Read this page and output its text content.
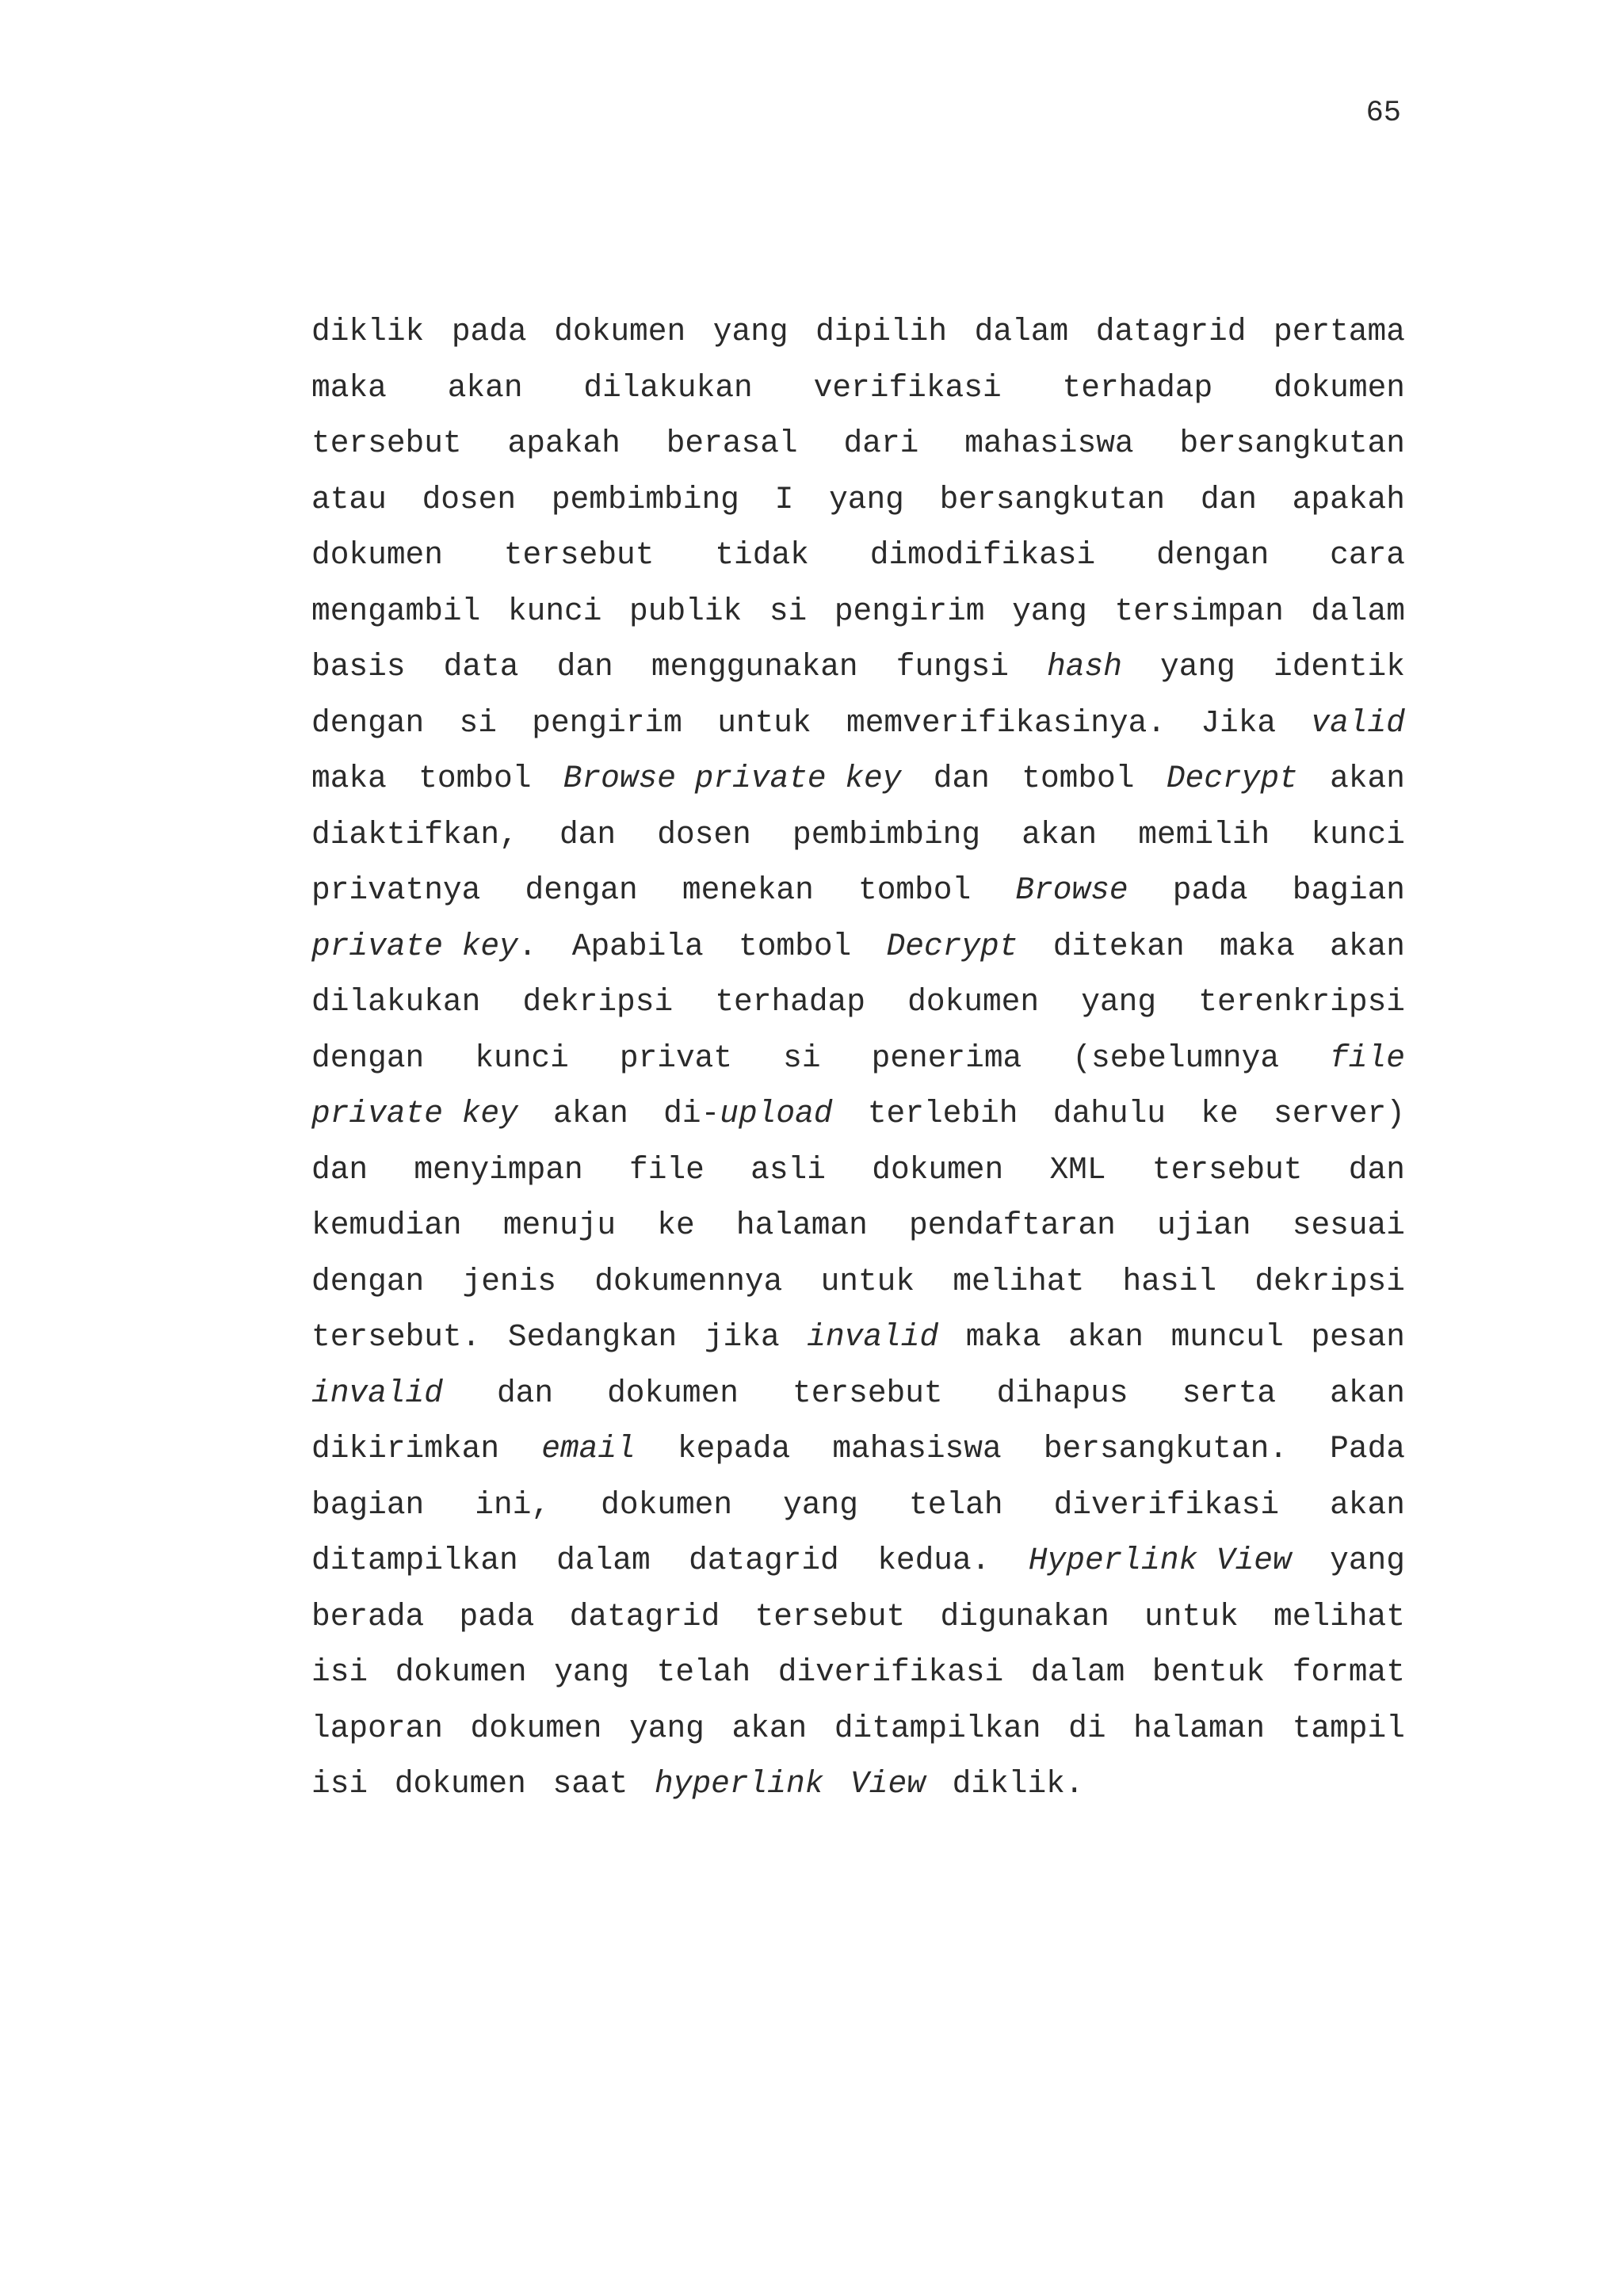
65
diklik pada dokumen yang dipilih dalam datagrid pertama
maka akan dilakukan verifikasi terhadap dokumen
tersebut apakah berasal dari mahasiswa bersangkutan
atau dosen pembimbing I yang bersangkutan dan apakah
dokumen tersebut tidak dimodifikasi dengan cara
mengambil kunci publik si pengirim yang tersimpan dalam
basis data dan menggunakan fungsi hash yang identik
dengan si pengirim untuk memverifikasinya. Jika valid
maka tombol Browse private key dan tombol Decrypt akan
diaktifkan, dan dosen pembimbing akan memilih kunci
privatnya dengan menekan tombol Browse pada bagian
private key. Apabila tombol Decrypt ditekan maka akan
dilakukan dekripsi terhadap dokumen yang terenkripsi
dengan kunci privat si penerima (sebelumnya file
private key akan di-upload terlebih dahulu ke server)
dan menyimpan file asli dokumen XML tersebut dan
kemudian menuju ke halaman pendaftaran ujian sesuai
dengan jenis dokumennya untuk melihat hasil dekripsi
tersebut. Sedangkan jika invalid maka akan muncul pesan
invalid dan dokumen tersebut dihapus serta akan
dikirimkan email kepada mahasiswa bersangkutan. Pada
bagian ini, dokumen yang telah diverifikasi akan
ditampilkan dalam datagrid kedua. Hyperlink View yang
berada pada datagrid tersebut digunakan untuk melihat
isi dokumen yang telah diverifikasi dalam bentuk format
laporan dokumen yang akan ditampilkan di halaman tampil
isi dokumen saat hyperlink View diklik.
